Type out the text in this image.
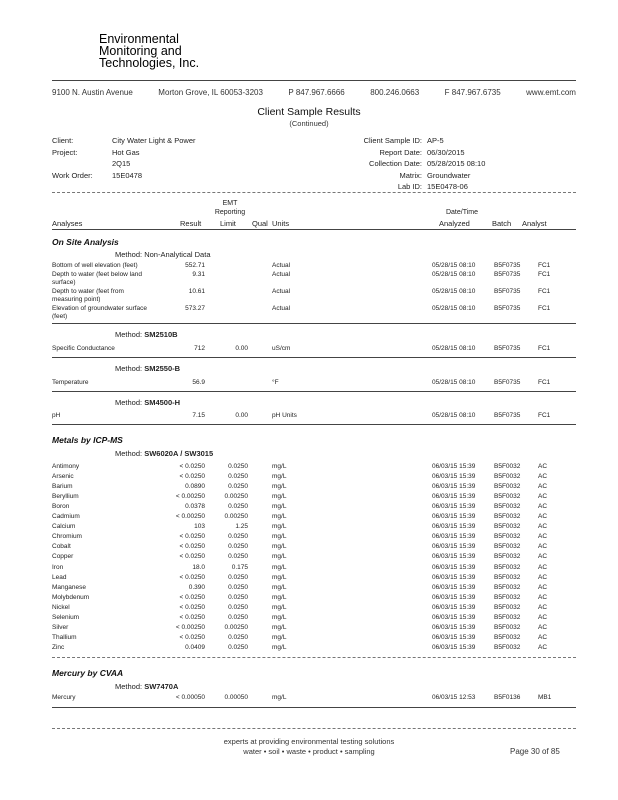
Environmental
Monitoring and
Technologies, Inc.
9100 N. Austin Avenue	Morton Grove, IL 60053-3203	P 847.967.6666	800.246.0663	F 847.967.6735	www.emt.com
Client Sample Results
(Continued)
Client:	City Water Light & Power
Project:	Hot Gas
2Q15
Work Order:	15E0478
Client Sample ID: AP-5
Report Date: 06/30/2015
Collection Date: 05/28/2015 08:10
Matrix: Groundwater
Lab ID: 15E0478-06
EMT
Reporting	Date/Time
Analyses	Result Limit Qual Units	Analyzed	Batch Analyst
On Site Analysis
Method: Non-Analytical Data
Bottom of well elevation (feet)	552.71	Actual	05/28/15 08:10	B5F0735	FC1
Depth to water (feet below land	9.31	Actual	05/28/15 08:10	B5F0735	FC1
surface)
Depth to water (feet from	10.61	Actual	05/28/15 08:10	B5F0735	FC1
measuring point)
Elevation of groundwater surface	573.27	Actual	05/28/15 08:10	B5F0735	FC1
(feet)
Method: SM2510B
Specific Conductance	712	0.00	uS/cm	05/28/15 08:10	B5F0735	FC1
Method: SM2550-B
Temperature	56.9	°F	05/28/15 08:10	B5F0735	FC1
Method: SM4500-H
pH	7.15	0.00	pH Units	05/28/15 08:10	B5F0735	FC1
Metals by ICP-MS
Method: SW6020A / SW3015
Antimony	< 0.0250	0.0250	mg/L	06/03/15 15:39	B5F0032	AC
Arsenic	< 0.0250	0.0250	mg/L	06/03/15 15:39	B5F0032	AC
Barium	0.0890	0.0250	mg/L	06/03/15 15:39	B5F0032	AC
Beryllium	< 0.00250	0.00250	mg/L	06/03/15 15:39	B5F0032	AC
Boron	0.0378	0.0250	mg/L	06/03/15 15:39	B5F0032	AC
Cadmium	< 0.00250	0.00250	mg/L	06/03/15 15:39	B5F0032	AC
Calcium	103	1.25	mg/L	06/03/15 15:39	B5F0032	AC
Chromium	< 0.0250	0.0250	mg/L	06/03/15 15:39	B5F0032	AC
Cobalt	< 0.0250	0.0250	mg/L	06/03/15 15:39	B5F0032	AC
Copper	< 0.0250	0.0250	mg/L	06/03/15 15:39	B5F0032	AC
Iron	18.0	0.175	mg/L	06/03/15 15:39	B5F0032	AC
Lead	< 0.0250	0.0250	mg/L	06/03/15 15:39	B5F0032	AC
Manganese	0.390	0.0250	mg/L	06/03/15 15:39	B5F0032	AC
Molybdenum	< 0.0250	0.0250	mg/L	06/03/15 15:39	B5F0032	AC
Nickel	< 0.0250	0.0250	mg/L	06/03/15 15:39	B5F0032	AC
Selenium	< 0.0250	0.0250	mg/L	06/03/15 15:39	B5F0032	AC
Silver	< 0.00250	0.00250	mg/L	06/03/15 15:39	B5F0032	AC
Thallium	< 0.0250	0.0250	mg/L	06/03/15 15:39	B5F0032	AC
Zinc	0.0409	0.0250	mg/L	06/03/15 15:39	B5F0032	AC
Mercury by CVAA
Method: SW7470A
Mercury	< 0.00050	0.00050	mg/L	06/03/15 12:53	B5F0136	MB1
experts at providing environmental testing solutions
water • soil • waste • product • sampling	Page 30 of 85
